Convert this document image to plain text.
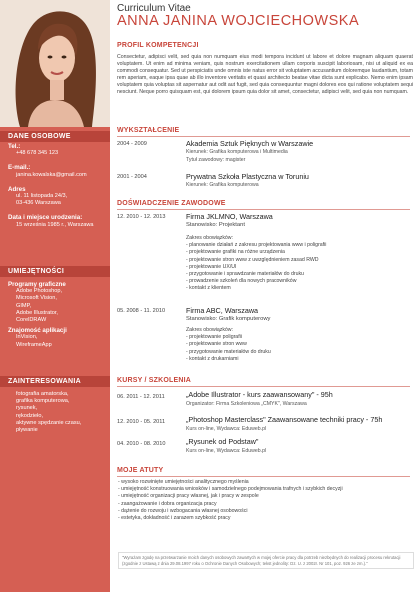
DANE OSOBOWE
Tel.:
+48 678 345 123
E-mail.:
janina.kowalska@gmail.com
Adres
ul. 11 listopada 24/3,
03-436 Warszawa
Data i miejsce urodzenia:
15 września 1985 r., Warszawa
UMIEJĘTNOŚCI
Programy graficzne
Adobe Photoshop,
Microsoft Vision,
GIMP,
Adobe Illustrator,
CorelDRAW
Znajomość aplikacji
InVision,
WireframeApp
ZAINTERESOWANIA
fotografia amatorska,
grafika komputerowa,
rysunek,
rękodzieło,
aktywne spędzanie czasu,
pływanie
Curriculum Vitae
ANNA JANINA WOJCIECHOWSKA
PROFIL KOMPETENCJI
Consectetur, adipisci velit, sed quia non numquam eius modi tempora incidunt ut labore et dolore magnam aliquam quaerat voluptatem. Ut enim ad minima veniam, quis nostrum exercitationem ullam corporis suscipit laboriosam, nisi ut aliquid ex ea commodi consequatur. Sed ut perspiciatis unde omnis iste natus error sit voluptatem accusantium doloremque laudantium, totam rem aperiam, eaque ipsa quae ab illo inventore veritatis et quasi architecto beatae vitae dicta sunt explicabo. Nemo enim ipsam voluptatem quia voluptas sit aspernatur aut odit aut fugit, sed quia consequuntur magni dolores eos qui ratione voluptatem sequi nesciunt. Neque porro quisquam est, qui dolorem ipsum quia dolor sit amet, consectetur, adipisci velit, sed quia non numquam.
WYKSZTAŁCENIE
2004 - 2009	Akademia Sztuk Pięknych w Warszawie
Kierunek: Grafika komputerowa i Multimedia
Tytuł zawodowy: magister
2001 - 2004	Prywatna Szkoła Plastyczna w Toruniu
Kierunek: Grafika komputerowa
DOŚWIADCZENIE ZAWODOWE
12. 2010 - 12. 2013	Firma JKLMNO, Warszawa
Stanowisko: Projektant
Zakres obowiązków:
- planowanie działań z zakresu projektowania www i poligrafii
- projektowanie grafiki na różne urządzenia
- projektowanie stron www z uwzględnieniem zasad RWD
- projektowanie UX/UI
- przygotowanie i sprawdzanie materiałów do druku
- prowadzenie szkoleń dla nowych pracowników
- kontakt z klientem
05. 2008 - 11. 2010	Firma ABC, Warszawa
Stanowisko: Grafik komputerowy
Zakres obowiązków:
- projektowanie poligrafii
- projektowanie stron www
- przygotowanie materiałów do druku
- kontakt z drukarniami
KURSY / SZKOLENIA
06. 2011 - 12. 2011	„Adobe Illustrator - kurs zaawansowany" - 95h
Organizator: Firma Szkoleniowa „CMYK", Warszawa
12. 2010 - 05. 2011	„Photoshop Masterclass" Zaawansowane techniki pracy - 75h
Kurs on-line, Wydawca: Eduweb.pl
04. 2010 - 08. 2010	„Rysunek od Podstaw"
Kurs on-line, Wydawca: Eduweb.pl
MOJE ATUTY
- wysoko rozwinięte umiejętności analitycznego myślenia
- umiejętność konstruowania wniosków i samodzielnego podejmowania trafnych i szybkich decyzji
- umiejętność organizacji pracy własnej, jak i pracy w zespole
- zaangażowanie i dobra organizacja pracy
- dążenie do rozwoju i wzbogacania własnej osobowości
- estetyka, dokładność i zarazem szybkość pracy
"Wyrażam zgodę na przetwarzanie moich danych osobowych zawartych w mojej ofercie pracy dla potrzeb niezbędnych do realizacji procesu rekrutacji (zgodnie z Ustawą z dnia 29.08.1997 roku o Ochronie Danych Osobowych; tekst jednolity: Dz. U. z 2002r. Nr 101, poz. 926 ze zm.)."
